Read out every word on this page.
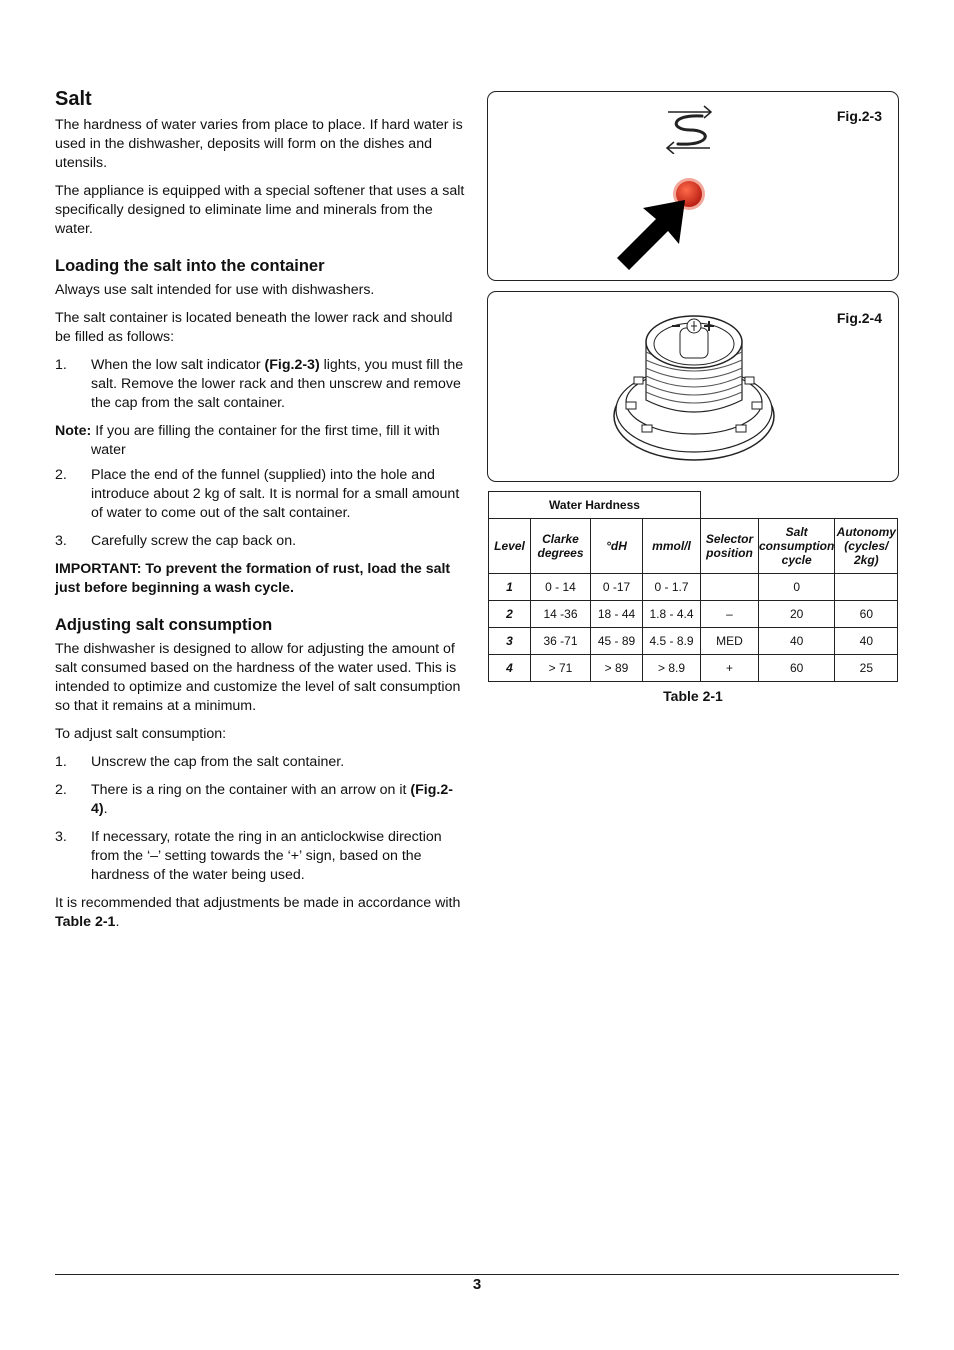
Salt

The hardness of water varies from place to place. If hard water is used in the dishwasher, deposits will form on the dishes and utensils.

The appliance is equipped with a special softener that uses a salt specifically designed to eliminate lime and minerals from the water.

Loading the salt into the container

Always use salt intended for use with dishwashers.

The salt container is located beneath the lower rack and should be filled as follows:

1.	When the low salt indicator (Fig.2-3) lights, you must fill the salt. Remove the lower rack and then unscrew and remove the cap from the salt container.
Note: If you are filling the container for the first time, fill it with water
2.	Place the end of the funnel (supplied) into the hole and introduce about 2 kg of salt. It is normal for a small amount of water to come out of the salt container.
3.	Carefully screw the cap back on.

IMPORTANT: To prevent the formation of rust, load the salt just before beginning a wash cycle.

Adjusting salt consumption

The dishwasher is designed to allow for adjusting the amount of salt consumed based on the hardness of the water used. This is intended to optimize and customize the level of salt consumption so that it remains at a minimum.

To adjust salt consumption:

1.	Unscrew the cap from the salt container.
2.	There is a ring on the container with an arrow on it (Fig.2-4).
3.	If necessary, rotate the ring in an anticlockwise direction from the ‘–’ setting towards the ‘+’ sign, based on the hardness of the water being used.

It is recommended that adjustments be made in accordance with Table 2-1.

Fig.2-3
Fig.2-4
Water Hardness						
Level	Clarke degrees	°dH	mmol/l	Selector position	Salt consumption cycle	Autonomy (cycles/ 2kg)
1	0 - 14	0 -17	0 - 1.7		0	
2	14 -36	18 - 44	1.8 - 4.4	–	20	60
3	36 -71	45 - 89	4.5 - 8.9	MED	40	40
4	> 71	> 89	> 8.9	+	60	25
Table 2-1
3
